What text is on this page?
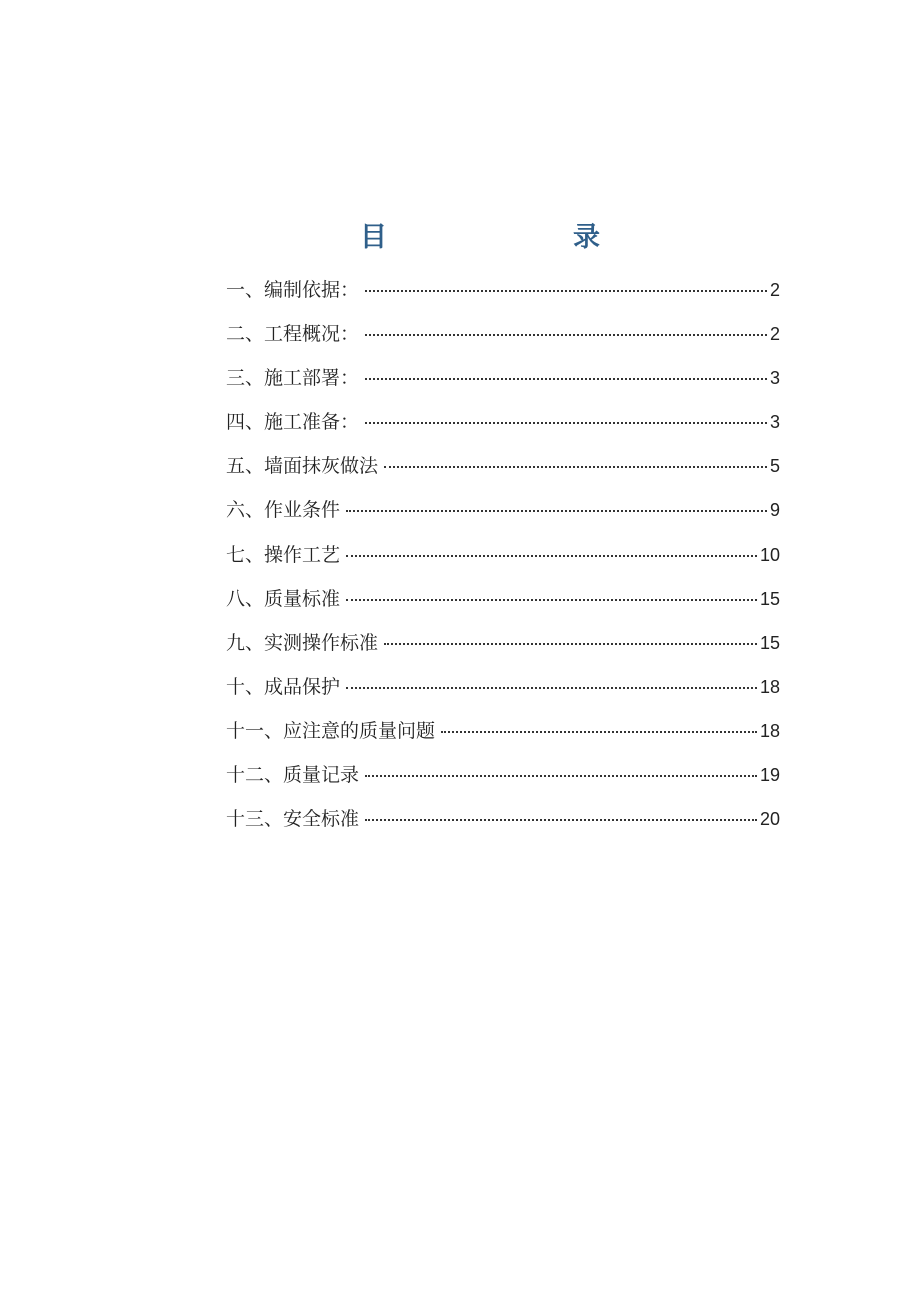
目　　录
一、编制依据：	2
二、工程概况：	2
三、施工部署：	3
四、施工准备：	3
五、墙面抹灰做法	5
六、作业条件	9
七、操作工艺	10
八、质量标准	15
九、实测操作标准	15
十、成品保护	18
十一、应注意的质量问题	18
十二、质量记录	19
十三、安全标准	20
